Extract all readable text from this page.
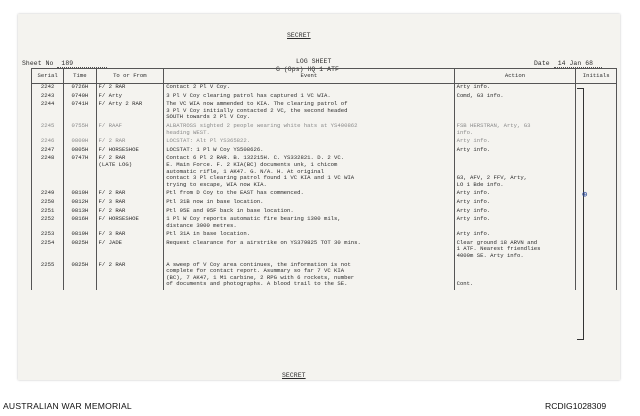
SECRET
LOG SHEET
G (Ops) HQ 1 ATF
Sheet No 189	Date 14 Jan 68
SECRET
Serial	Time	To or From	Event	Action	Initials
2242	0726H	F/ 2 RAR	Contact 2 Pl V Coy.	Arty info.	

2243	0740H	F/ Arty	3 Pl V Coy clearing patrol has captured 1 VC WIA.	Comd, G3 info.	

2244	0741H	F/ Arty 2 RAR	The VC WIA now ammended to KIA. The clearing patrol of		
			3 Pl V Coy initially contacted 2 VC, the second headed		
			SOUTH towards 2 Pl V Coy.		

2245	0755H	F/ RAAF	ALBATROSS sighted 2 people wearing white hats at YS400862	FSB HERSTRAN, Arty, G3	
			heading WEST.	info.	

2246	0800H	F/ 2 RAR	LOCSTAT: Alt Pl YS365822.	Arty info.	

2247	0805H	F/ HORSESHOE	LOCSTAT: 1 Pl W Coy YS508626.	Arty info.	

2248	0747H	F/ 2 RAR	Contact 6 Pl 2 RAR. B. 132215H. C. YS332821. D. 2 VC.		
		(LATE LOG)	E. Main Force. F. 2 KIA(BC) documents unk, 1 chicom		
			automatic rifle, 1 AK47. G. N/A. H. At original		
			contact 3 Pl clearing patrol found 1 VC KIA and 1 VC WIA	G3, AFV, 2 FFV, Arty,	
			trying to escape, WIA now KIA.	LO 1 Bde info.	

2249	0810H	F/ 2 RAR	Ptl from D Coy to the EAST has commenced.	Arty info.	

2250	0812H	F/ 3 RAR	Ptl 31B now in base location.	Arty info.	

2251	0813H	F/ 2 RAR	Ptl 95E and 95F back in base location.	Arty info.	

2252	0816H	F/ HORSESHOE	1 Pl W Coy reports automatic fire bearing 1300 mils,	Arty info.	
			distance 3000 metres.		

2253	0819H	F/ 3 RAR	Ptl 31A in base location.	Arty info.	

2254	0825H	F/ JADE	Request clearance for a airstrike on YS379825 TOT 30 mins.	Clear ground 18 ARVN and	
				1 ATF. Nearest friendlies	
				4000m SE. Arty info.	

2255	0825H	F/ 2 RAR	A sweep of V Coy area continues, the information is not		
			complete for contact report. Asummary so far 7 VC KIA		
			(BC), 7 AK47, 1 M1 carbine, 2 RPG with 6 rockets, number		
			of documents and photographs. A blood trail to the SE.	Cont.	

⊕
AUSTRALIAN WAR MEMORIAL	RCDIG1028309
